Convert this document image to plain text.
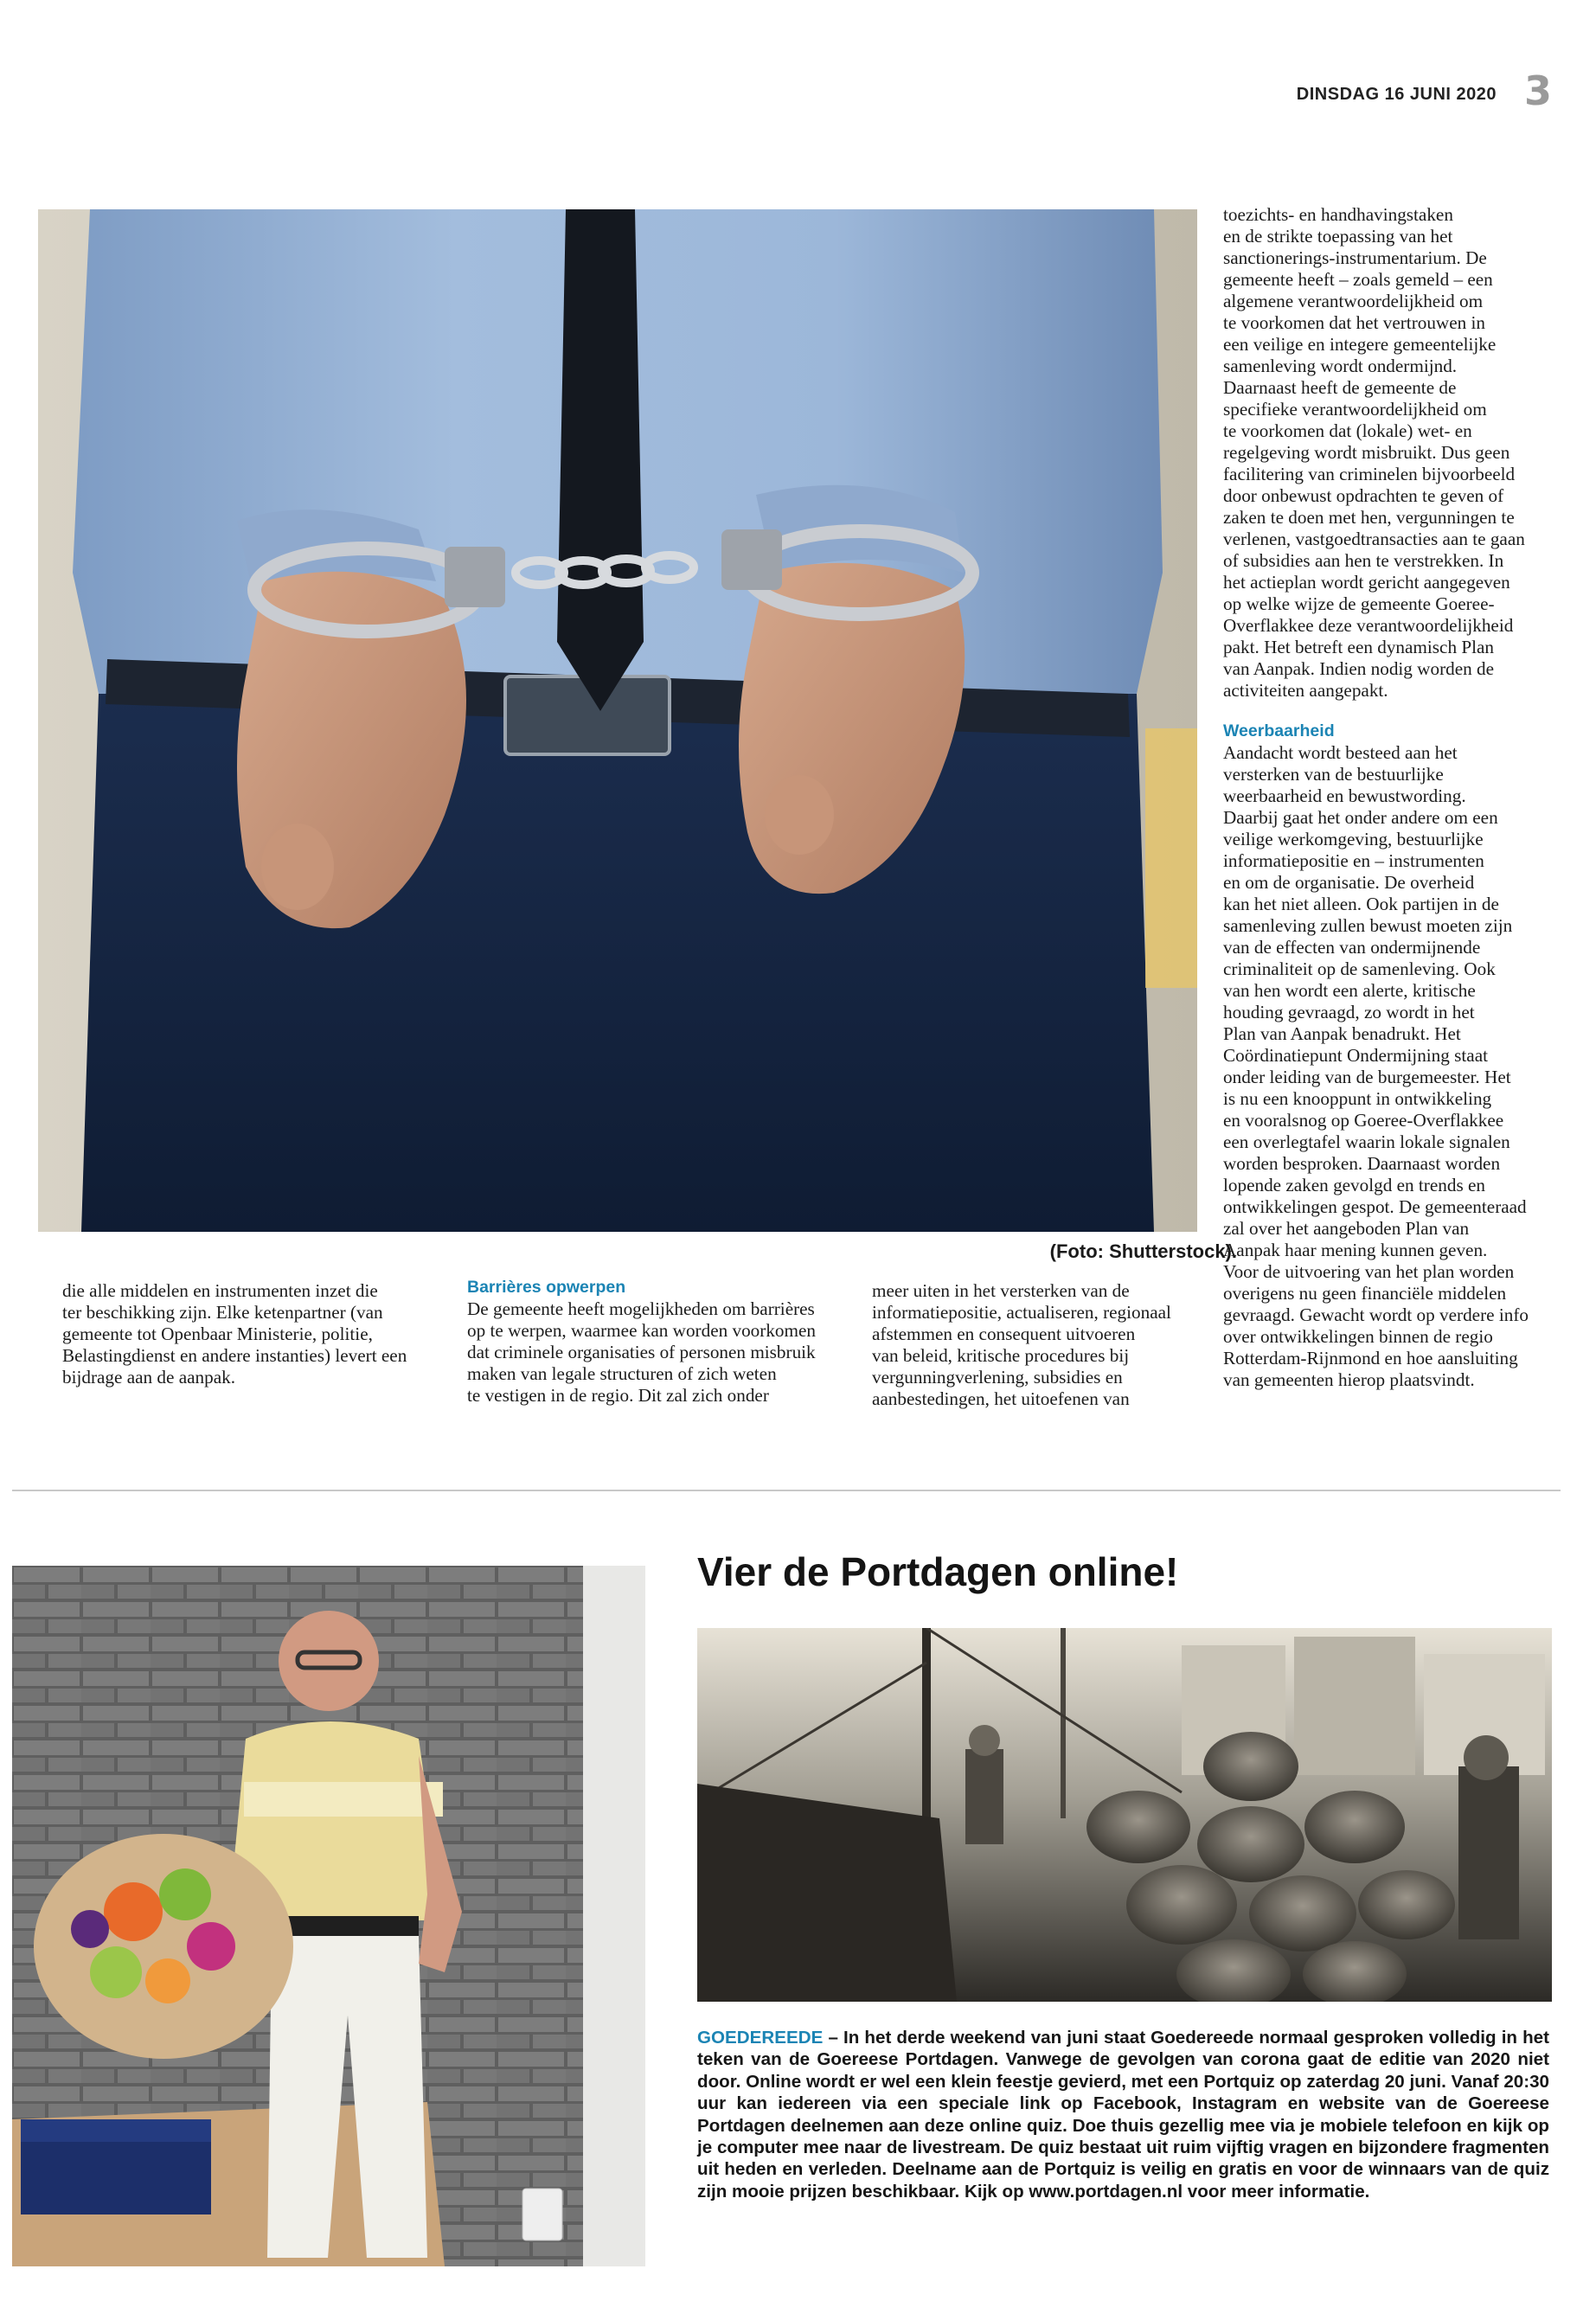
DINSDAG 16 JUNI 2020 3
(Foto: Shutterstock).

die alle middelen en instrumenten inzet die
ter beschikking zijn. Elke ketenpartner (van
gemeente tot Openbaar Ministerie, politie,
Belastingdienst en andere instanties) levert een
bijdrage aan de aanpak.

Barrières opwerpen

De gemeente heeft mogelijkheden om barrières
op te werpen, waarmee kan worden voorkomen
dat criminele organisaties of personen misbruik
maken van legale structuren of zich weten
te vestigen in de regio. Dit zal zich onder

meer uiten in het versterken van de
informatiepositie, actualiseren, regionaal
afstemmen en consequent uitvoeren
van beleid, kritische procedures bij
vergunningverlening, subsidies en
aanbestedingen, het uitoefenen van

toezichts- en handhavingstaken
en de strikte toepassing van het
sanctionerings-instrumentarium. De
gemeente heeft – zoals gemeld – een
algemene verantwoordelijkheid om
te voorkomen dat het vertrouwen in
een veilige en integere gemeentelijke
samenleving wordt ondermijnd.
Daarnaast heeft de gemeente de
specifieke verantwoordelijkheid om
te voorkomen dat (lokale) wet- en
regelgeving wordt misbruikt. Dus geen
facilitering van criminelen bijvoorbeeld
door onbewust opdrachten te geven of
zaken te doen met hen, vergunningen te
verlenen, vastgoedtransacties aan te gaan
of subsidies aan hen te verstrekken. In
het actieplan wordt gericht aangegeven
op welke wijze de gemeente Goeree-
Overflakkee deze verantwoordelijkheid
pakt. Het betreft een dynamisch Plan
van Aanpak. Indien nodig worden de
activiteiten aangepakt.

Weerbaarheid

Aandacht wordt besteed aan het
versterken van de bestuurlijke
weerbaarheid en bewustwording.
Daarbij gaat het onder andere om een
veilige werkomgeving, bestuurlijke
informatiepositie en – instrumenten
en om de organisatie. De overheid
kan het niet alleen. Ook partijen in de
samenleving zullen bewust moeten zijn
van de effecten van ondermijnende
criminaliteit op de samenleving. Ook
van hen wordt een alerte, kritische
houding gevraagd, zo wordt in het
Plan van Aanpak benadrukt. Het
Coördinatiepunt Ondermijning staat
onder leiding van de burgemeester. Het
is nu een knooppunt in ontwikkeling
en vooralsnog op Goeree-Overflakkee
een overlegtafel waarin lokale signalen
worden besproken. Daarnaast worden
lopende zaken gevolgd en trends en
ontwikkelingen gespot. De gemeenteraad
zal over het aangeboden Plan van
Aanpak haar mening kunnen geven.
Voor de uitvoering van het plan worden
overigens nu geen financiële middelen
gevraagd. Gewacht wordt op verdere info
over ontwikkelingen binnen de regio
Rotterdam-Rijnmond en hoe aansluiting
van gemeenten hierop plaatsvindt.

Vier de Portdagen online!

GOEDEREEDE – In het derde weekend van juni staat Goedereede normaal gesproken volledig in het teken van de Goereese Portdagen. Vanwege de gevolgen van corona gaat de editie van 2020 niet door. Online wordt er wel een klein feestje gevierd, met een Portquiz op zaterdag 20 juni. Vanaf 20:30 uur kan iedereen via een speciale link op Facebook, Instagram en website van de Goereese Portdagen deelnemen aan deze online quiz. Doe thuis gezellig mee via je mobiele telefoon en kijk op je computer mee naar de livestream. De quiz bestaat uit ruim vijftig vragen en bijzondere fragmenten uit heden en verleden. Deelname aan de Portquiz is veilig en gratis en voor de winnaars van de quiz zijn mooie prijzen beschikbaar. Kijk op www.portdagen.nl voor meer informatie.
